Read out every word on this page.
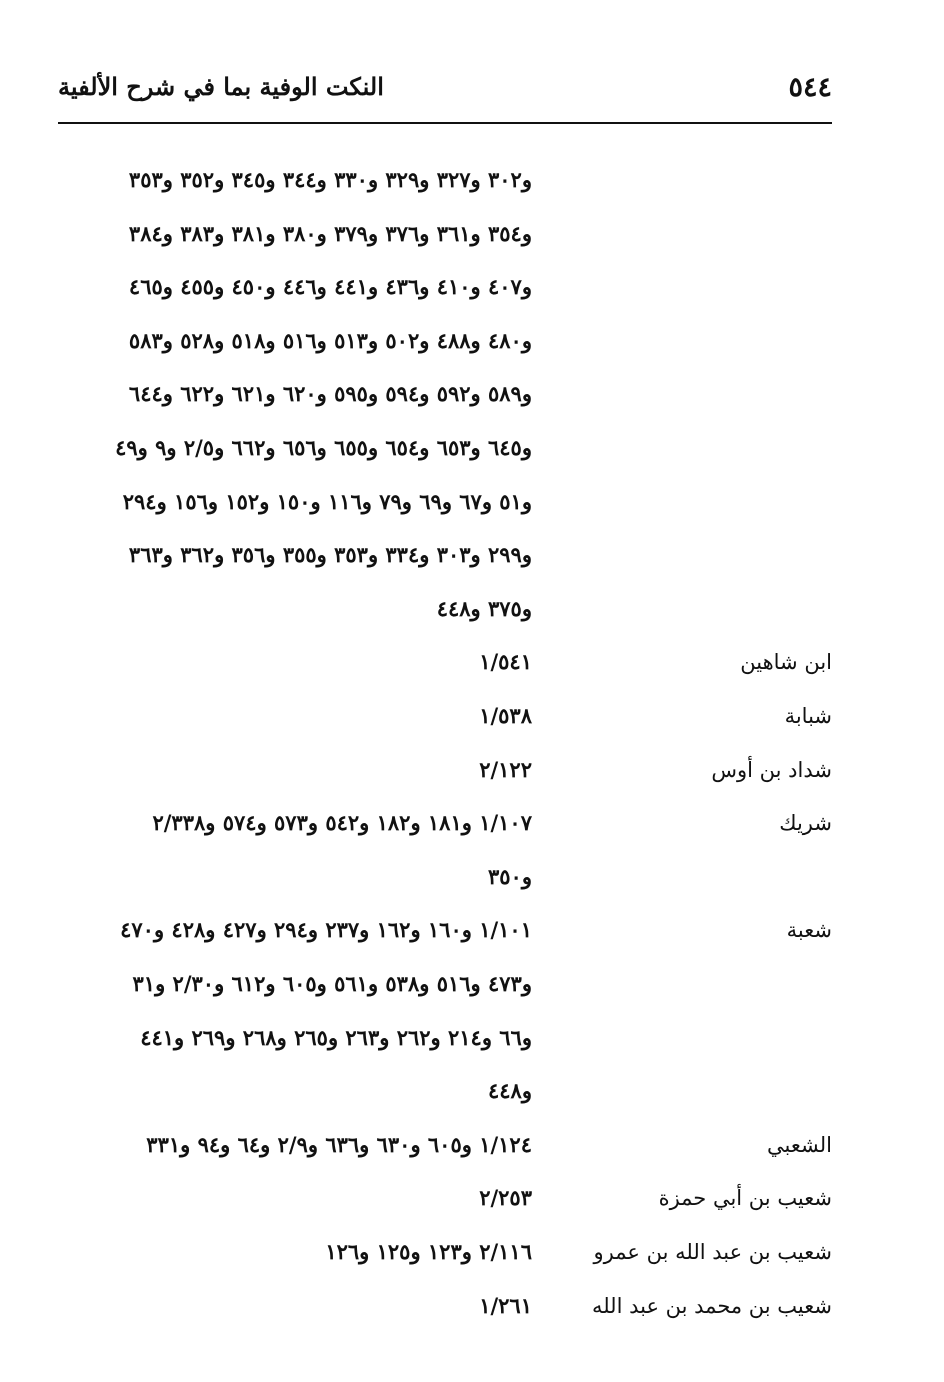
٥٤٤
النكت الوفية بما في شرح الألفية
و٣٠٢ و٣٢٧ و٣٢٩ و٣٣٠ و٣٤٤ و٣٤٥ و٣٥٢ و٣٥٣
و٣٥٤ و٣٦١ و٣٧٦ و٣٧٩ و٣٨٠ و٣٨١ و٣٨٣ و٣٨٤
و٤٠٧ و٤١٠ و٤٣٦ و٤٤١ و٤٤٦ و٤٥٠ و٤٥٥ و٤٦٥
و٤٨٠ و٤٨٨ و٥٠٢ و٥١٣ و٥١٦ و٥١٨ و٥٢٨ و٥٨٣
و٥٨٩ و٥٩٢ و٥٩٤ و٥٩٥ و٦٢٠ و٦٢١ و٦٢٢ و٦٤٤
و٦٤٥ و٦٥٣ و٦٥٤ و٦٥٥ و٦٥٦ و٦٦٢ و٢/٥ و٩ و٤٩
و٥١ و٦٧ و٦٩ و٧٩ و١١٦ و١٥٠ و١٥٢ و١٥٦ و٢٩٤
و٢٩٩ و٣٠٣ و٣٣٤ و٣٥٣ و٣٥٥ و٣٥٦ و٣٦٢ و٣٦٣
و٣٧٥ و٤٤٨
ابن شاهين
١/٥٤١
شبابة
١/٥٣٨
شداد بن أوس
٢/١٢٢
شريك
١/١٠٧ و١٨١ و١٨٢ و٥٤٢ و٥٧٣ و٥٧٤ و٢/٣٣٨
و٣٥٠
شعبة
١/١٠١ و١٦٠ و١٦٢ و٢٣٧ و٢٩٤ و٤٢٧ و٤٢٨ و٤٧٠
و٤٧٣ و٥١٦ و٥٣٨ و٥٦١ و٦٠٥ و٦١٢ و٢/٣٠ و٣١
و٦٦ و٢١٤ و٢٦٢ و٢٦٣ و٢٦٥ و٢٦٨ و٢٦٩ و٤٤١
و٤٤٨
الشعبي
١/١٢٤ و٦٠٥ و٦٣٠ و٦٣٦ و٢/٩ و٦٤ و٩٤ و٣٣١
شعيب بن أبي حمزة
٢/٢٥٣
شعيب بن عبد الله بن عمرو
٢/١١٦ و١٢٣ و١٢٥ و١٢٦
شعيب بن محمد بن عبد الله
١/٢٦١
